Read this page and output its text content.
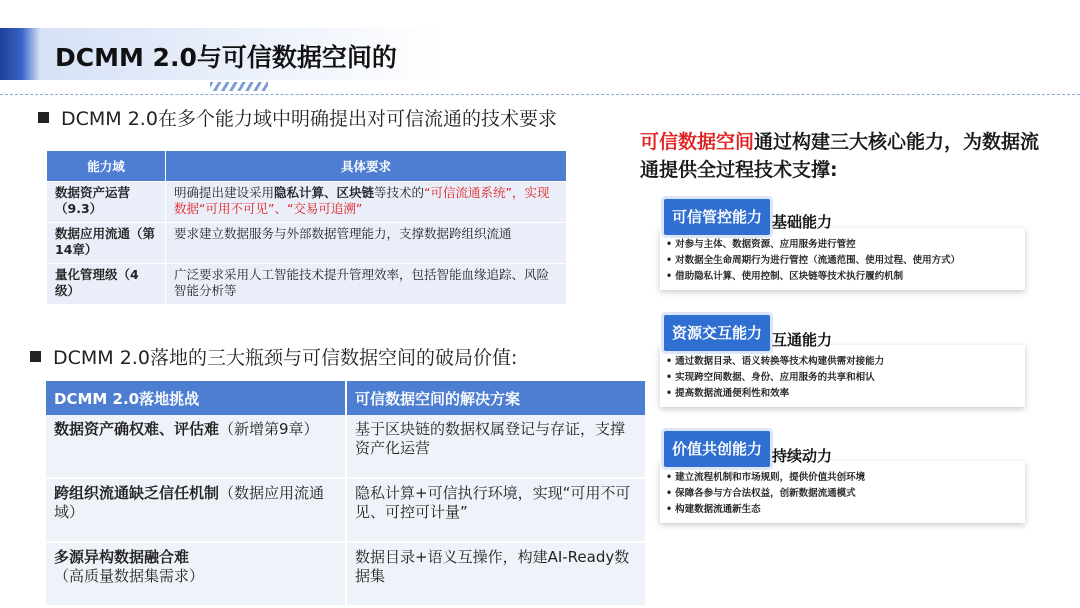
DCMM 2.0与可信数据空间的
DCMM 2.0在多个能力域中明确提出对可信流通的技术要求
能力域	具体要求
数据资产运营（9.3）	明确提出建设采用隐私计算、区块链等技术的“可信流通系统”，实现数据“可用不可见”、“交易可追溯”
数据应用流通（第14章）	要求建立数据服务与外部数据管理能力，支撑数据跨组织流通
量化管理级（4级）	广泛要求采用人工智能技术提升管理效率，包括智能血缘追踪、风险智能分析等
DCMM 2.0落地的三大瓶颈与可信数据空间的破局价值:
DCMM 2.0落地挑战	可信数据空间的解决方案
数据资产确权难、评估难（新增第9章）	基于区块链的数据权属登记与存证，支撑资产化运营
跨组织流通缺乏信任机制（数据应用流通域）	隐私计算+可信执行环境，实现“可用不可见、可控可计量”
多源异构数据融合难（高质量数据集需求）	数据目录+语义互操作，构建AI-Ready数据集
可信数据空间通过构建三大核心能力，为数据流通提供全过程技术支撑:
• 对参与主体、数据资源、应用服务进行管控
• 对数据全生命周期行为进行管控（流通范围、使用过程、使用方式）
• 借助隐私计算、使用控制、区块链等技术执行履约机制
可信管控能力 基础能力
• 通过数据目录、语义转换等技术构建供需对接能力
• 实现跨空间数据、身份、应用服务的共享和相认
• 提高数据流通便利性和效率
资源交互能力 互通能力
• 建立流程机制和市场规则，提供价值共创环境
• 保障各参与方合法权益，创新数据流通模式
• 构建数据流通新生态
价值共创能力 持续动力
